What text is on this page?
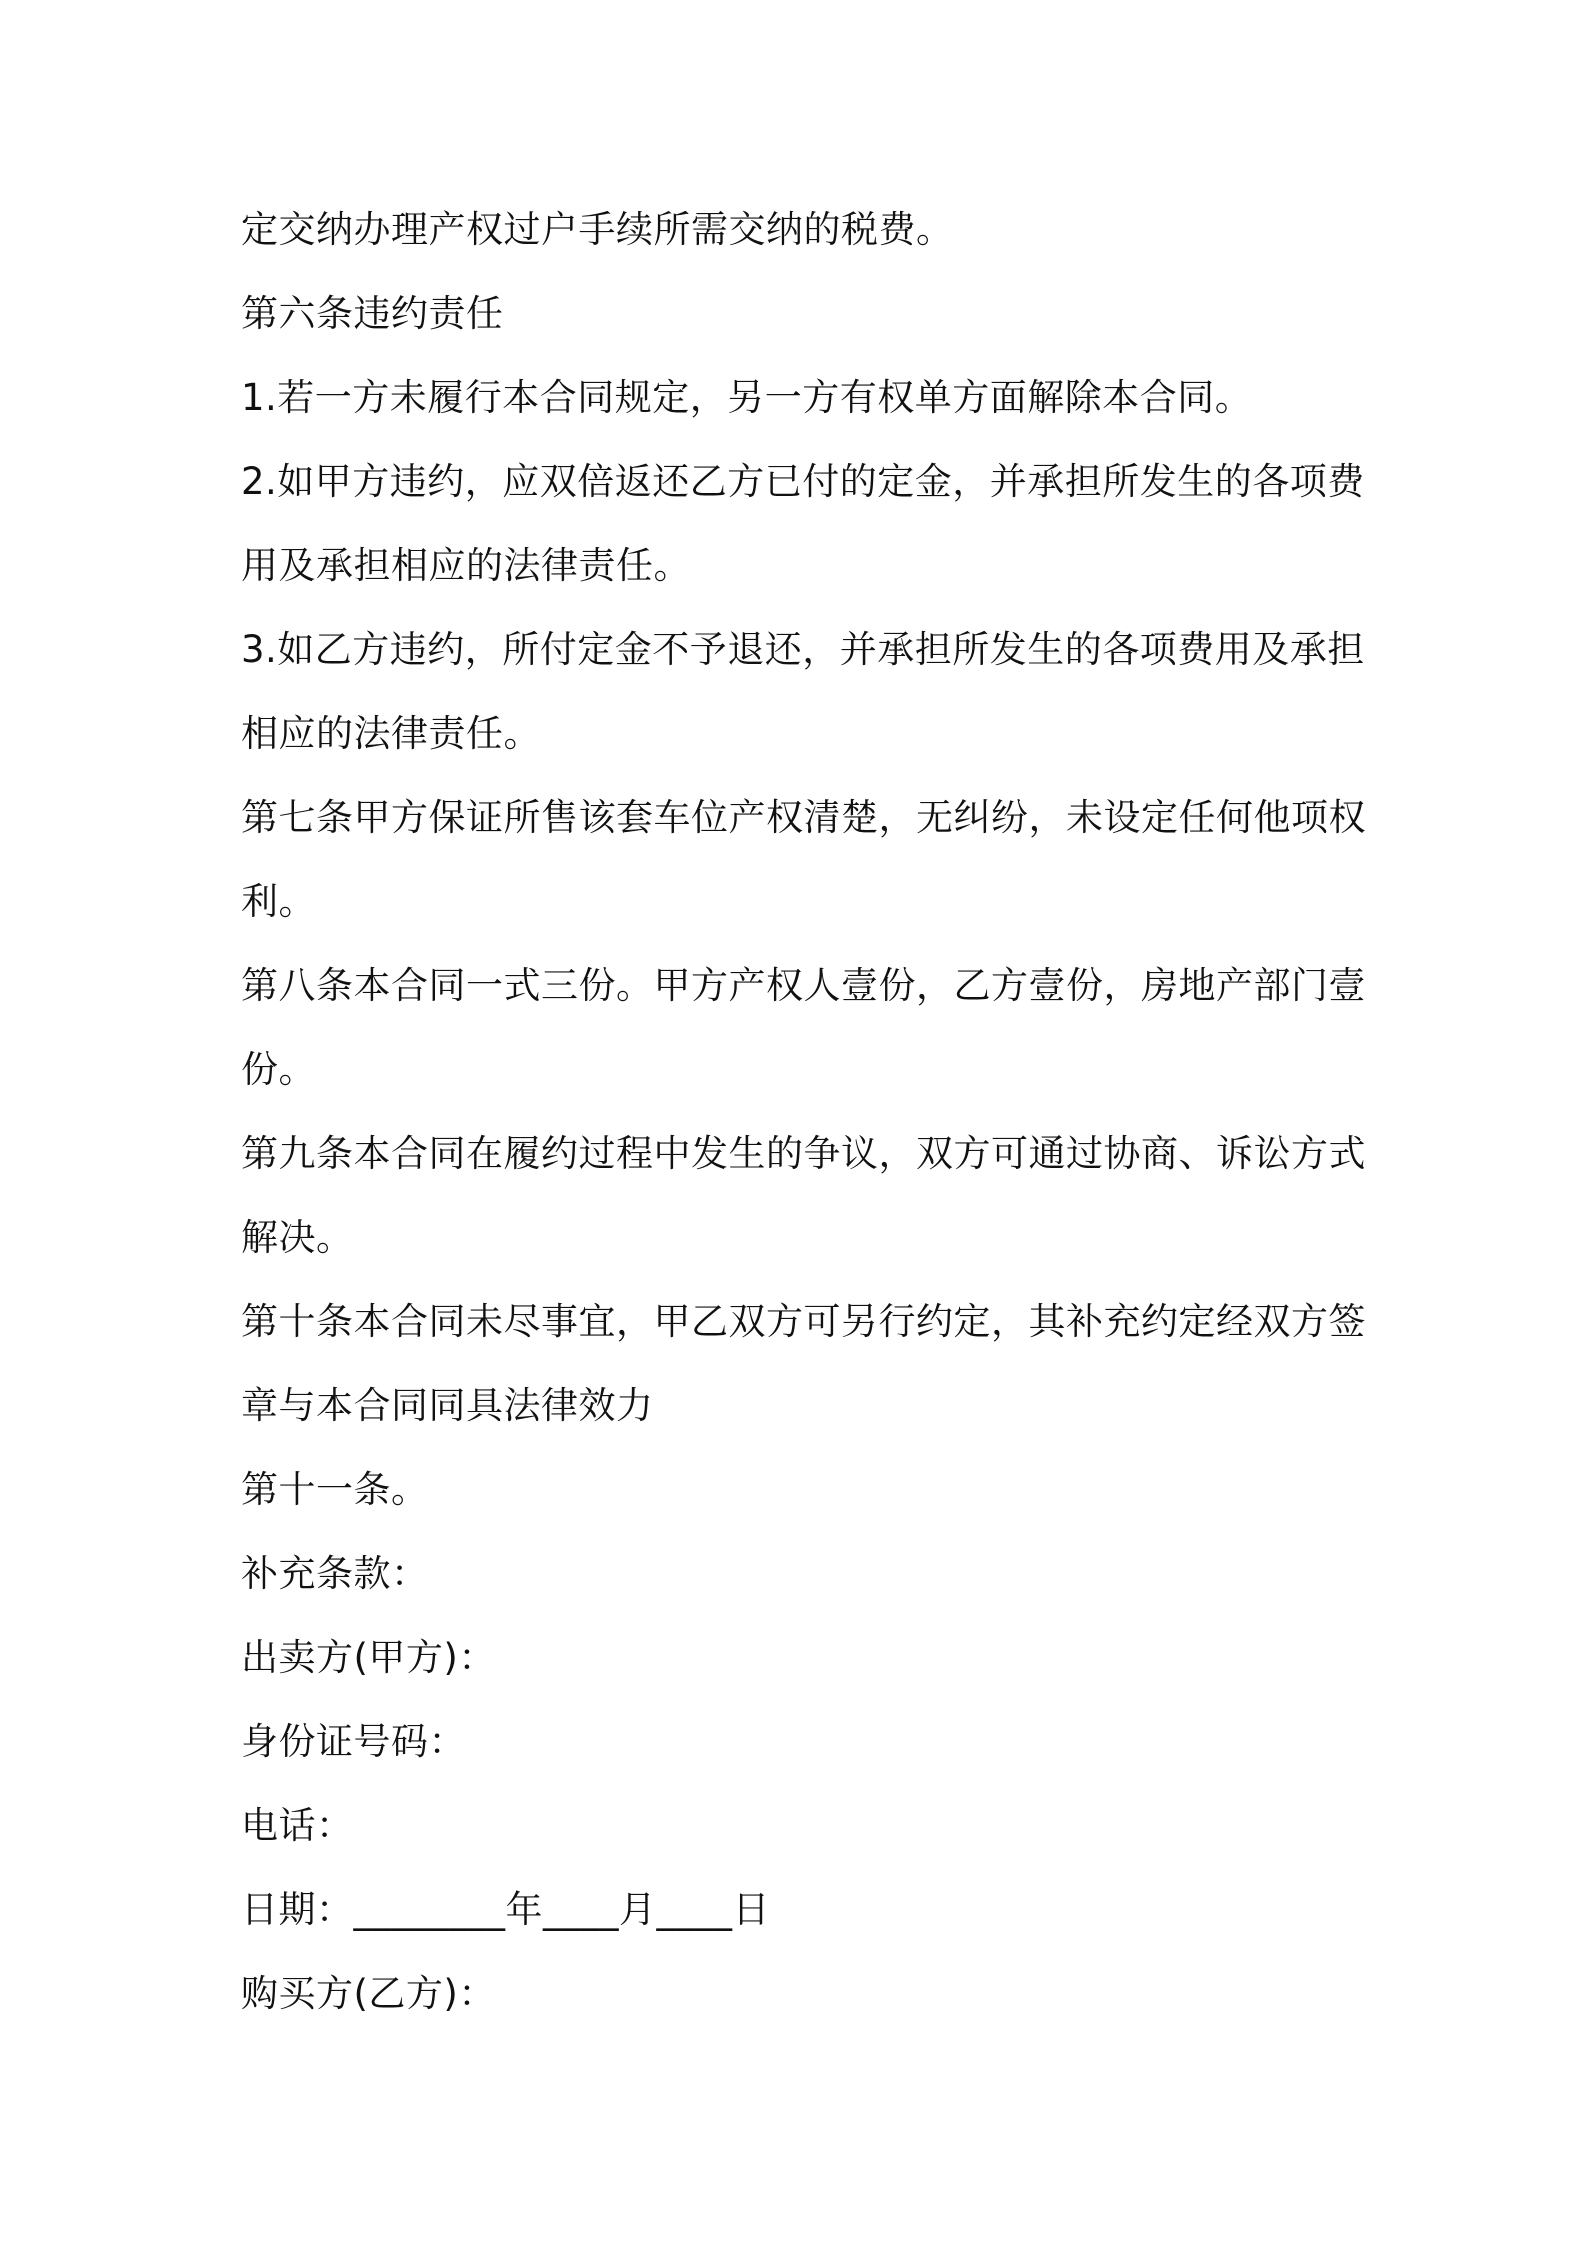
定交纳办理产权过户手续所需交纳的税费。

第六条违约责任

1.若一方未履行本合同规定，另一方有权单方面解除本合同。

2.如甲方违约，应双倍返还乙方已付的定金，并承担所发生的各项费

用及承担相应的法律责任。

3.如乙方违约，所付定金不予退还，并承担所发生的各项费用及承担

相应的法律责任。

第七条甲方保证所售该套车位产权清楚，无纠纷，未设定任何他项权

利。

第八条本合同一式三份。甲方产权人壹份，乙方壹份，房地产部门壹

份。

第九条本合同在履约过程中发生的争议，双方可通过协商、诉讼方式

解决。

第十条本合同未尽事宜，甲乙双方可另行约定，其补充约定经双方签

章与本合同同具法律效力

第十一条。

补充条款：

出卖方(甲方)：

身份证号码：

电话：

日期：________年____月____日

购买方(乙方)：
